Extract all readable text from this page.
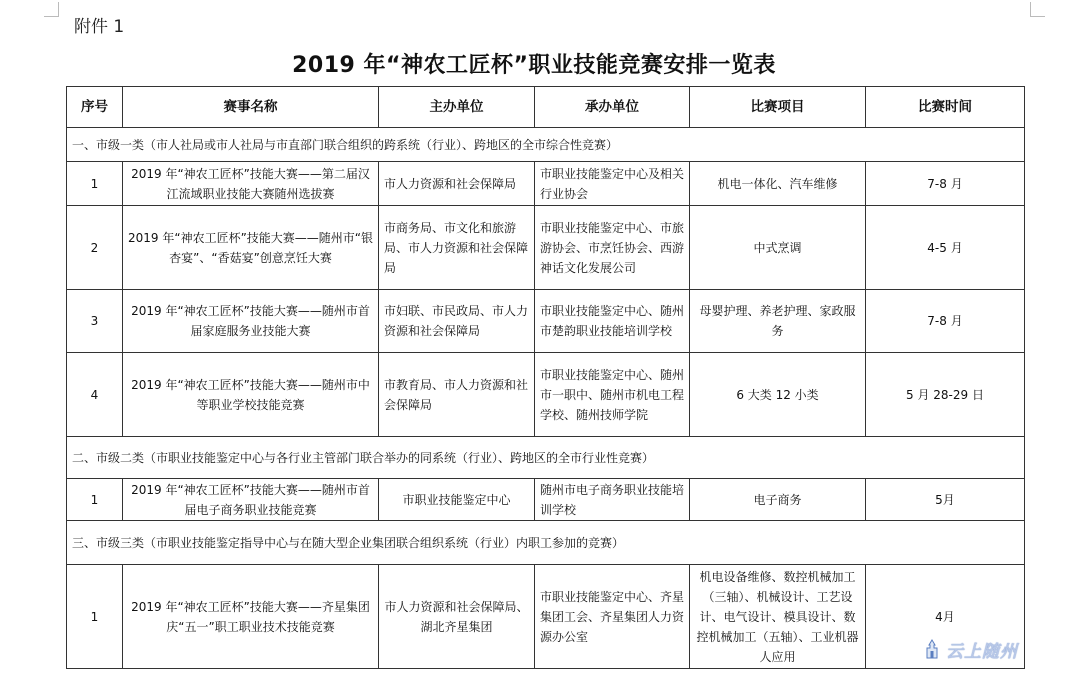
附件 1
2019 年“神农工匠杯”职业技能竞赛安排一览表
序号	赛事名称	主办单位	承办单位	比赛项目	比赛时间
一、市级一类（市人社局或市人社局与市直部门联合组织的跨系统（行业）、跨地区的全市综合性竞赛）					
1	2019 年“神农工匠杯”技能大赛——第二届汉江流域职业技能大赛随州选拔赛	市人力资源和社会保障局	市职业技能鉴定中心及相关行业协会	机电一体化、汽车维修	7-8 月
2	2019 年“神农工匠杯”技能大赛——随州市“银杏宴”、“香菇宴”创意烹饪大赛	市商务局、市文化和旅游局、市人力资源和社会保障局	市职业技能鉴定中心、市旅游协会、市烹饪协会、西游神话文化发展公司	中式烹调	4-5 月
3	2019 年“神农工匠杯”技能大赛——随州市首届家庭服务业技能大赛	市妇联、市民政局、市人力资源和社会保障局	市职业技能鉴定中心、随州市楚韵职业技能培训学校	母婴护理、养老护理、家政服务	7-8 月
4	2019 年“神农工匠杯”技能大赛——随州市中等职业学校技能竞赛	市教育局、市人力资源和社会保障局	市职业技能鉴定中心、随州市一职中、随州市机电工程学校、随州技师学院	6 大类 12 小类	5 月 28-29 日
二、市级二类（市职业技能鉴定中心与各行业主管部门联合举办的同系统（行业）、跨地区的全市行业性竞赛）					
1	2019 年“神农工匠杯”技能大赛——随州市首届电子商务职业技能竞赛	市职业技能鉴定中心	随州市电子商务职业技能培训学校	电子商务	5月
三、市级三类（市职业技能鉴定指导中心与在随大型企业集团联合组织系统（行业）内职工参加的竞赛）					
1	2019 年“神农工匠杯”技能大赛——齐星集团庆“五一”职工职业技术技能竞赛	市人力资源和社会保障局、湖北齐星集团	市职业技能鉴定中心、齐星集团工会、齐星集团人力资源办公室	机电设备维修、数控机械加工（三轴）、机械设计、工艺设计、电气设计、模具设计、数控机械加工（五轴）、工业机器人应用	4月
云上随州
